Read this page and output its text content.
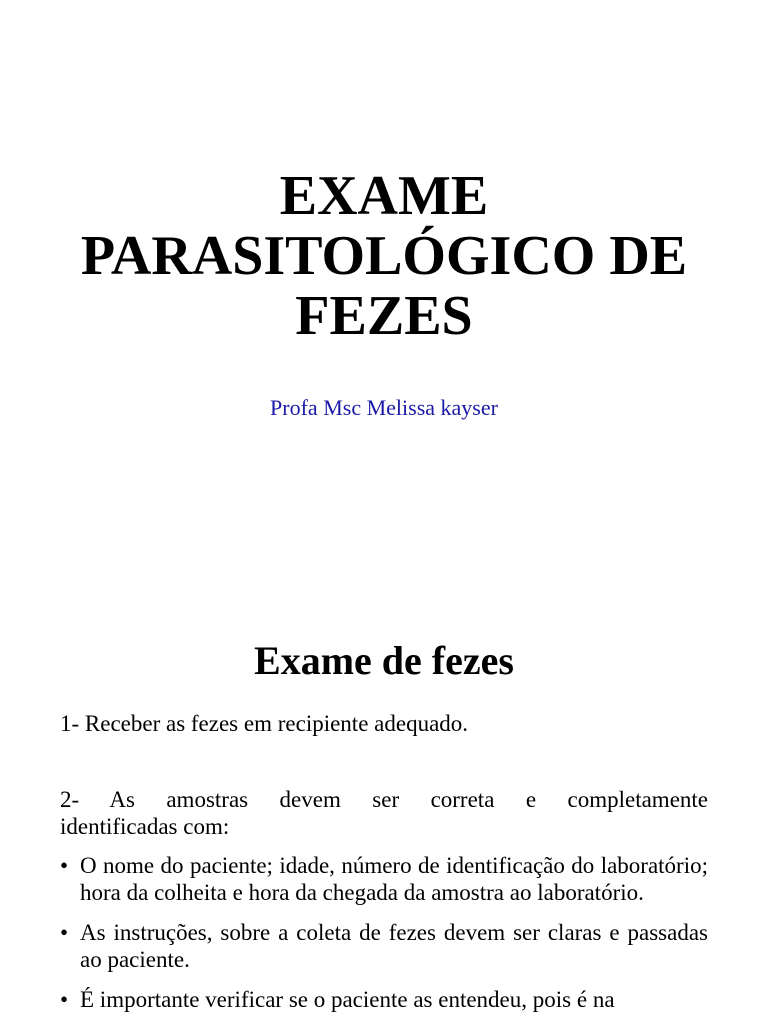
EXAME
PARASITOLÓGICO DE
FEZES

Profa Msc Melissa kayser

Exame de fezes

1- Receber as fezes em recipiente adequado.

2- As amostras devem ser correta e completamente
identificadas com:

• O nome do paciente; idade, número de identificação do laboratório; hora da colheita e hora da chegada da amostra ao laboratório.
• As instruções, sobre a coleta de fezes devem ser claras e passadas ao paciente.
• É importante verificar se o paciente as entendeu, pois é na
